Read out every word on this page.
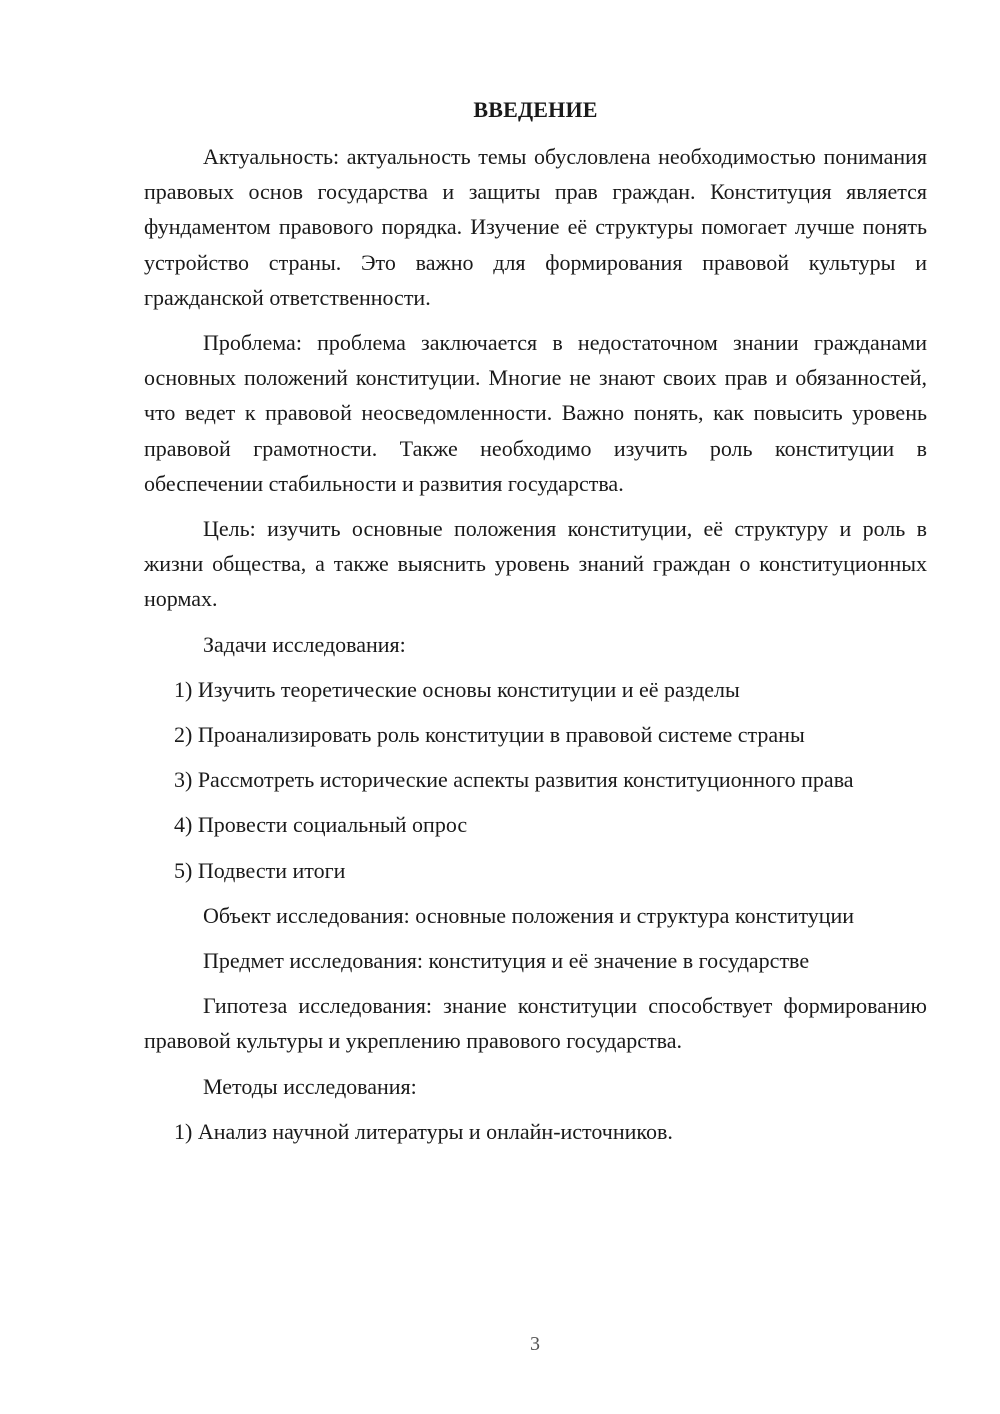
ВВЕДЕНИЕ

Актуальность: актуальность темы обусловлена необходимостью понимания правовых основ государства и защиты прав граждан. Конституция является фундаментом правового порядка. Изучение её структуры помогает лучше понять устройство страны. Это важно для формирования правовой культуры и гражданской ответственности.

Проблема: проблема заключается в недостаточном знании гражданами основных положений конституции. Многие не знают своих прав и обязанностей, что ведет к правовой неосведомленности. Важно понять, как повысить уровень правовой грамотности. Также необходимо изучить роль конституции в обеспечении стабильности и развития государства.

Цель: изучить основные положения конституции, её структуру и роль в жизни общества, а также выяснить уровень знаний граждан о конституционных нормах.

Задачи исследования:

1) Изучить теоретические основы конституции и её разделы

2) Проанализировать роль конституции в правовой системе страны

3) Рассмотреть исторические аспекты развития конституционного права

4) Провести социальный опрос

5) Подвести итоги

Объект исследования: основные положения и структура конституции

Предмет исследования: конституция и её значение в государстве

Гипотеза исследования: знание конституции способствует формированию правовой культуры и укреплению правового государства.

Методы исследования:

1) Анализ научной литературы и онлайн-источников.

3
